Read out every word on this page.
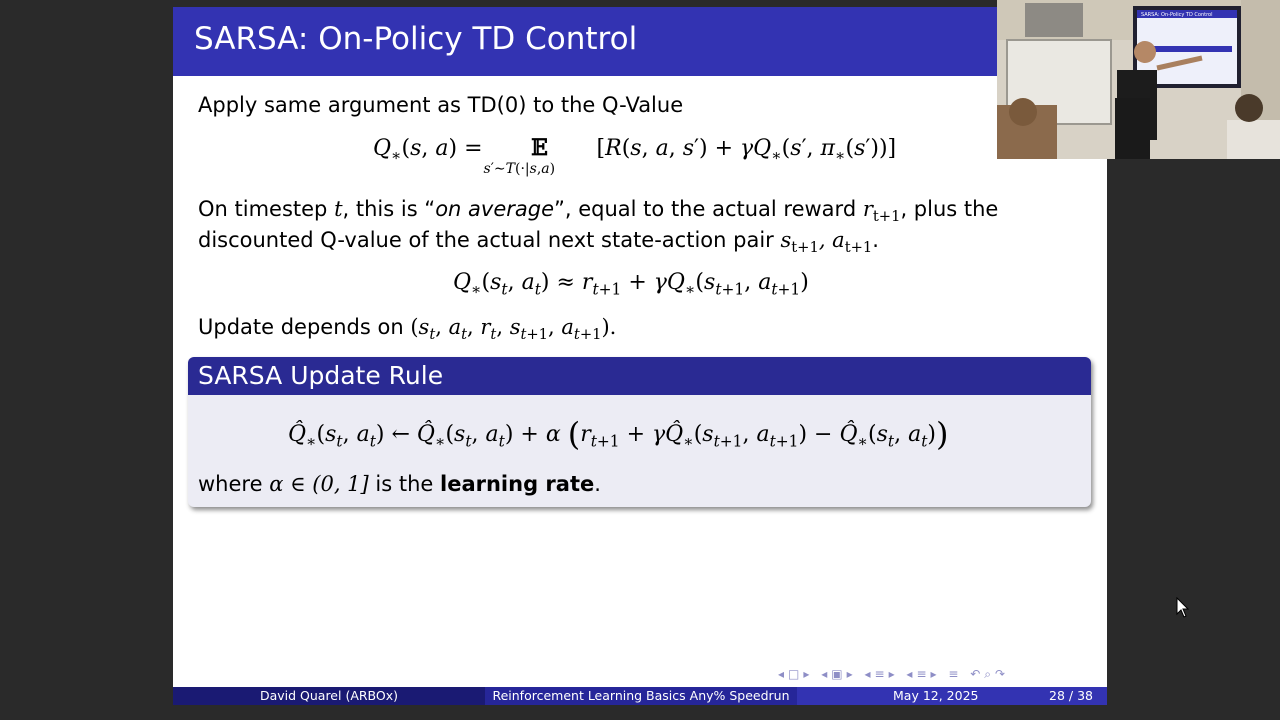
SARSA: On-Policy TD Control
Apply same argument as TD(0) to the Q-Value
$Q_∗(s$, a) = 𝔼
s′∼T(·|s,a)
[R(s, a, $s') + \gamma Q_∗(s'$, $\pi_∗(s')$)]
On timestep t, this is “on average”, equal to the actual reward $r_{t+1}$, plus the
discounted Q-value of the actual next state-action pair $s_{t+1}$, $a_{t+1}$.
$Q_∗(s_t$, $a_t) \approx r_{t+1} + \gamma Q_∗(s_{t+1}$, $a_{t+1}$)
Update depends on ($s_t$, $a_t$, $r_t$, $s_{t+1}$, $a_{t+1}$).
SARSA Update Rule
$Q̂_∗(s_t$, $a_t$) ← $Q̂_∗(s_t$, $a_t) + \alpha$ ($r_{t+1}$ + $\gamma Q̂_∗(s_{t+1}$, $a_{t+1}$) − $Q̂_∗(s_t$, $a_t$))
where α ∈ (0, 1] is the learning rate.
◂□▸ ◂▣▸ ◂≡▸ ◂≡▸ ≡ ↶⌕↷
David Quarel (ARBOx)	Reinforcement Learning Basics Any% Speedrun	May 12, 2025	28 / 38
SARSA: On-Policy TD Control
